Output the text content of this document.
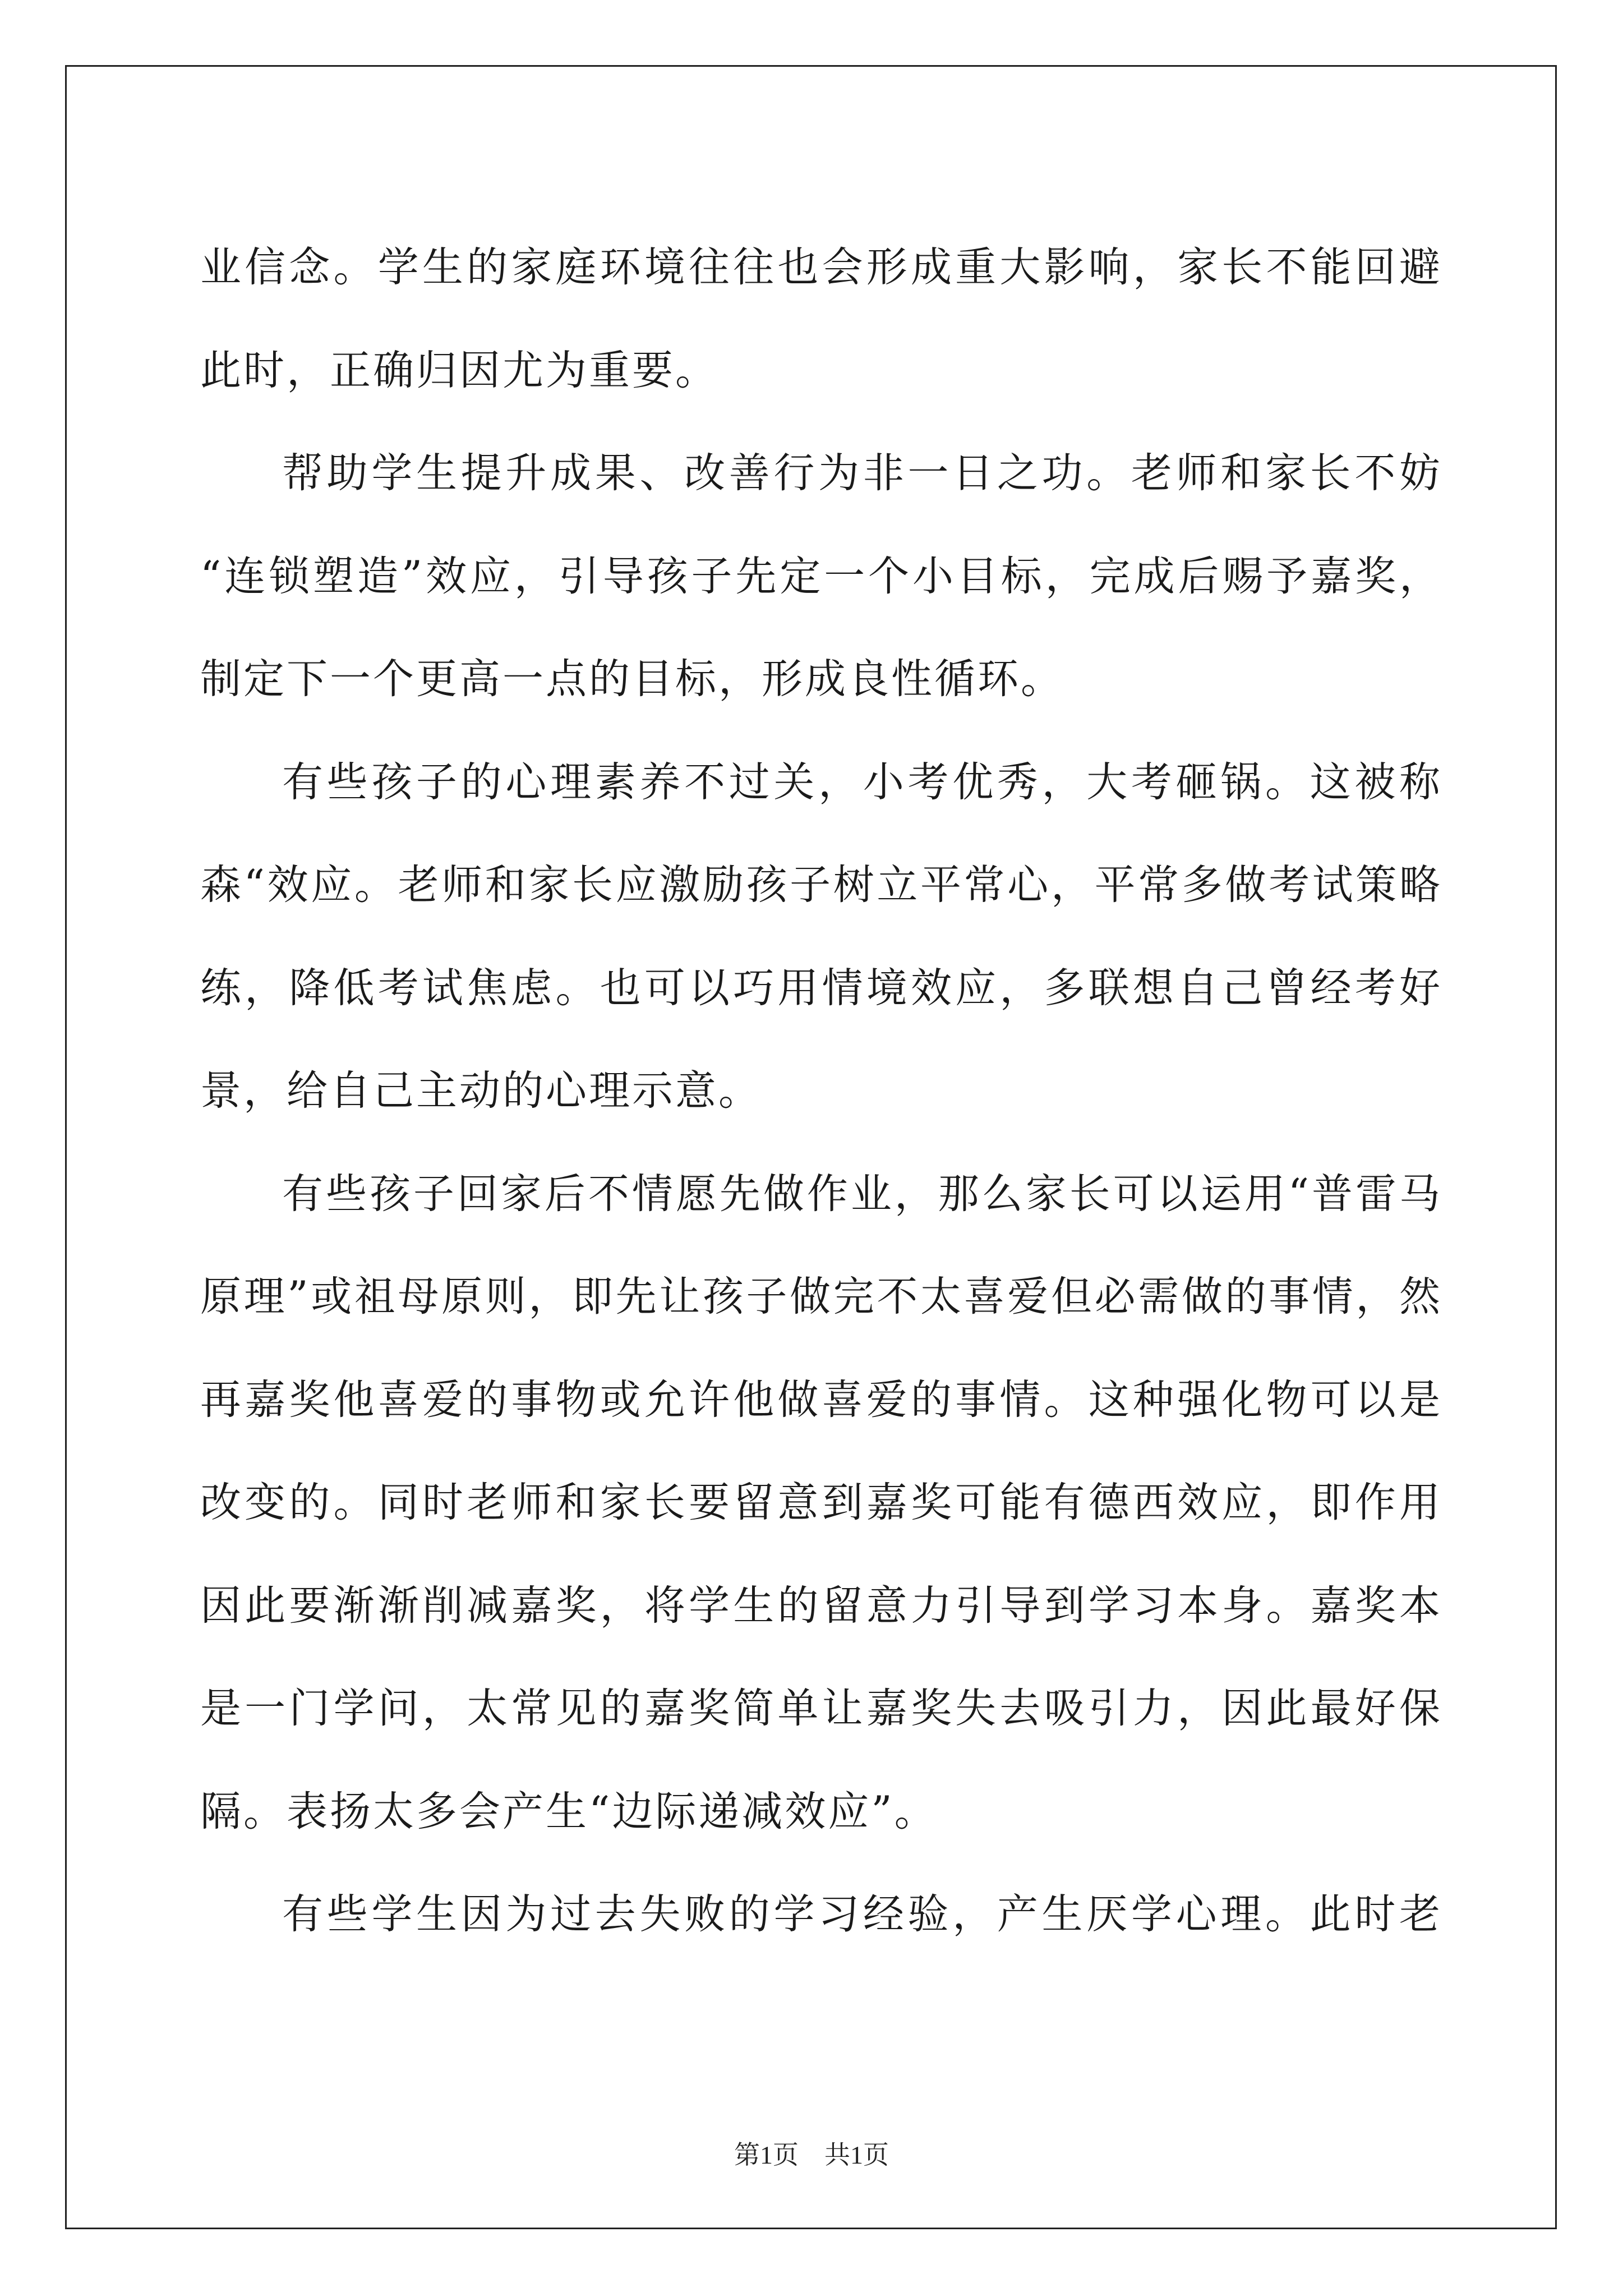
业信念。学生的家庭环境往往也会形成重大影响，家长不能回避
此时，正确归因尤为重要。
帮助学生提升成果、改善行为非一日之功。老师和家长不妨
“连锁塑造”效应，引导孩子先定一个小目标，完成后赐予嘉奖，
制定下一个更高一点的目标，形成良性循环。
有些孩子的心理素养不过关，小考优秀，大考砸锅。这被称
森“效应。老师和家长应激励孩子树立平常心，平常多做考试策略
练，降低考试焦虑。也可以巧用情境效应，多联想自己曾经考好
景，给自己主动的心理示意。
有些孩子回家后不情愿先做作业，那么家长可以运用“普雷马
原理”或祖母原则，即先让孩子做完不太喜爱但必需做的事情，然
再嘉奖他喜爱的事物或允许他做喜爱的事情。这种强化物可以是
改变的。同时老师和家长要留意到嘉奖可能有德西效应，即作用
因此要渐渐削减嘉奖，将学生的留意力引导到学习本身。嘉奖本
是一门学问，太常见的嘉奖简单让嘉奖失去吸引力，因此最好保
隔。表扬太多会产生“边际递减效应”。
有些学生因为过去失败的学习经验，产生厌学心理。此时老
第1页　共1页
